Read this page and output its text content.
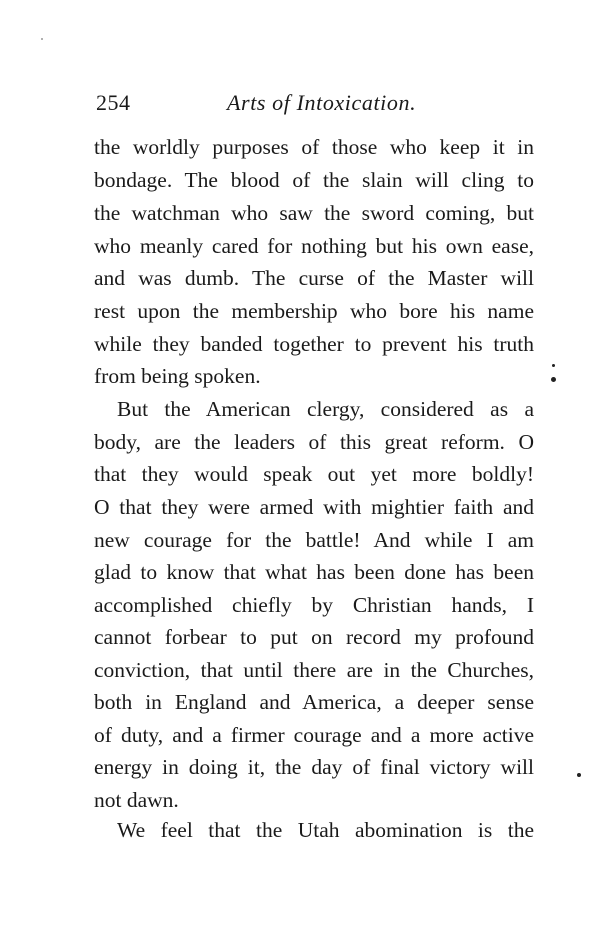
254	Arts of Intoxication.
the worldly purposes of those who keep it in
bondage. The blood of the slain will cling to
the watchman who saw the sword coming, but
who meanly cared for nothing but his own ease,
and was dumb. The curse of the Master will
rest upon the membership who bore his name
while they banded together to prevent his truth
from being spoken.
But the American clergy, considered as a
body, are the leaders of this great reform. O
that they would speak out yet more boldly!
O that they were armed with mightier faith and
new courage for the battle! And while I am
glad to know that what has been done has been
accomplished chiefly by Christian hands, I
cannot forbear to put on record my profound
conviction, that until there are in the Churches,
both in England and America, a deeper sense
of duty, and a firmer courage and a more active
energy in doing it, the day of final victory will
not dawn.
We feel that the Utah abomination is the
